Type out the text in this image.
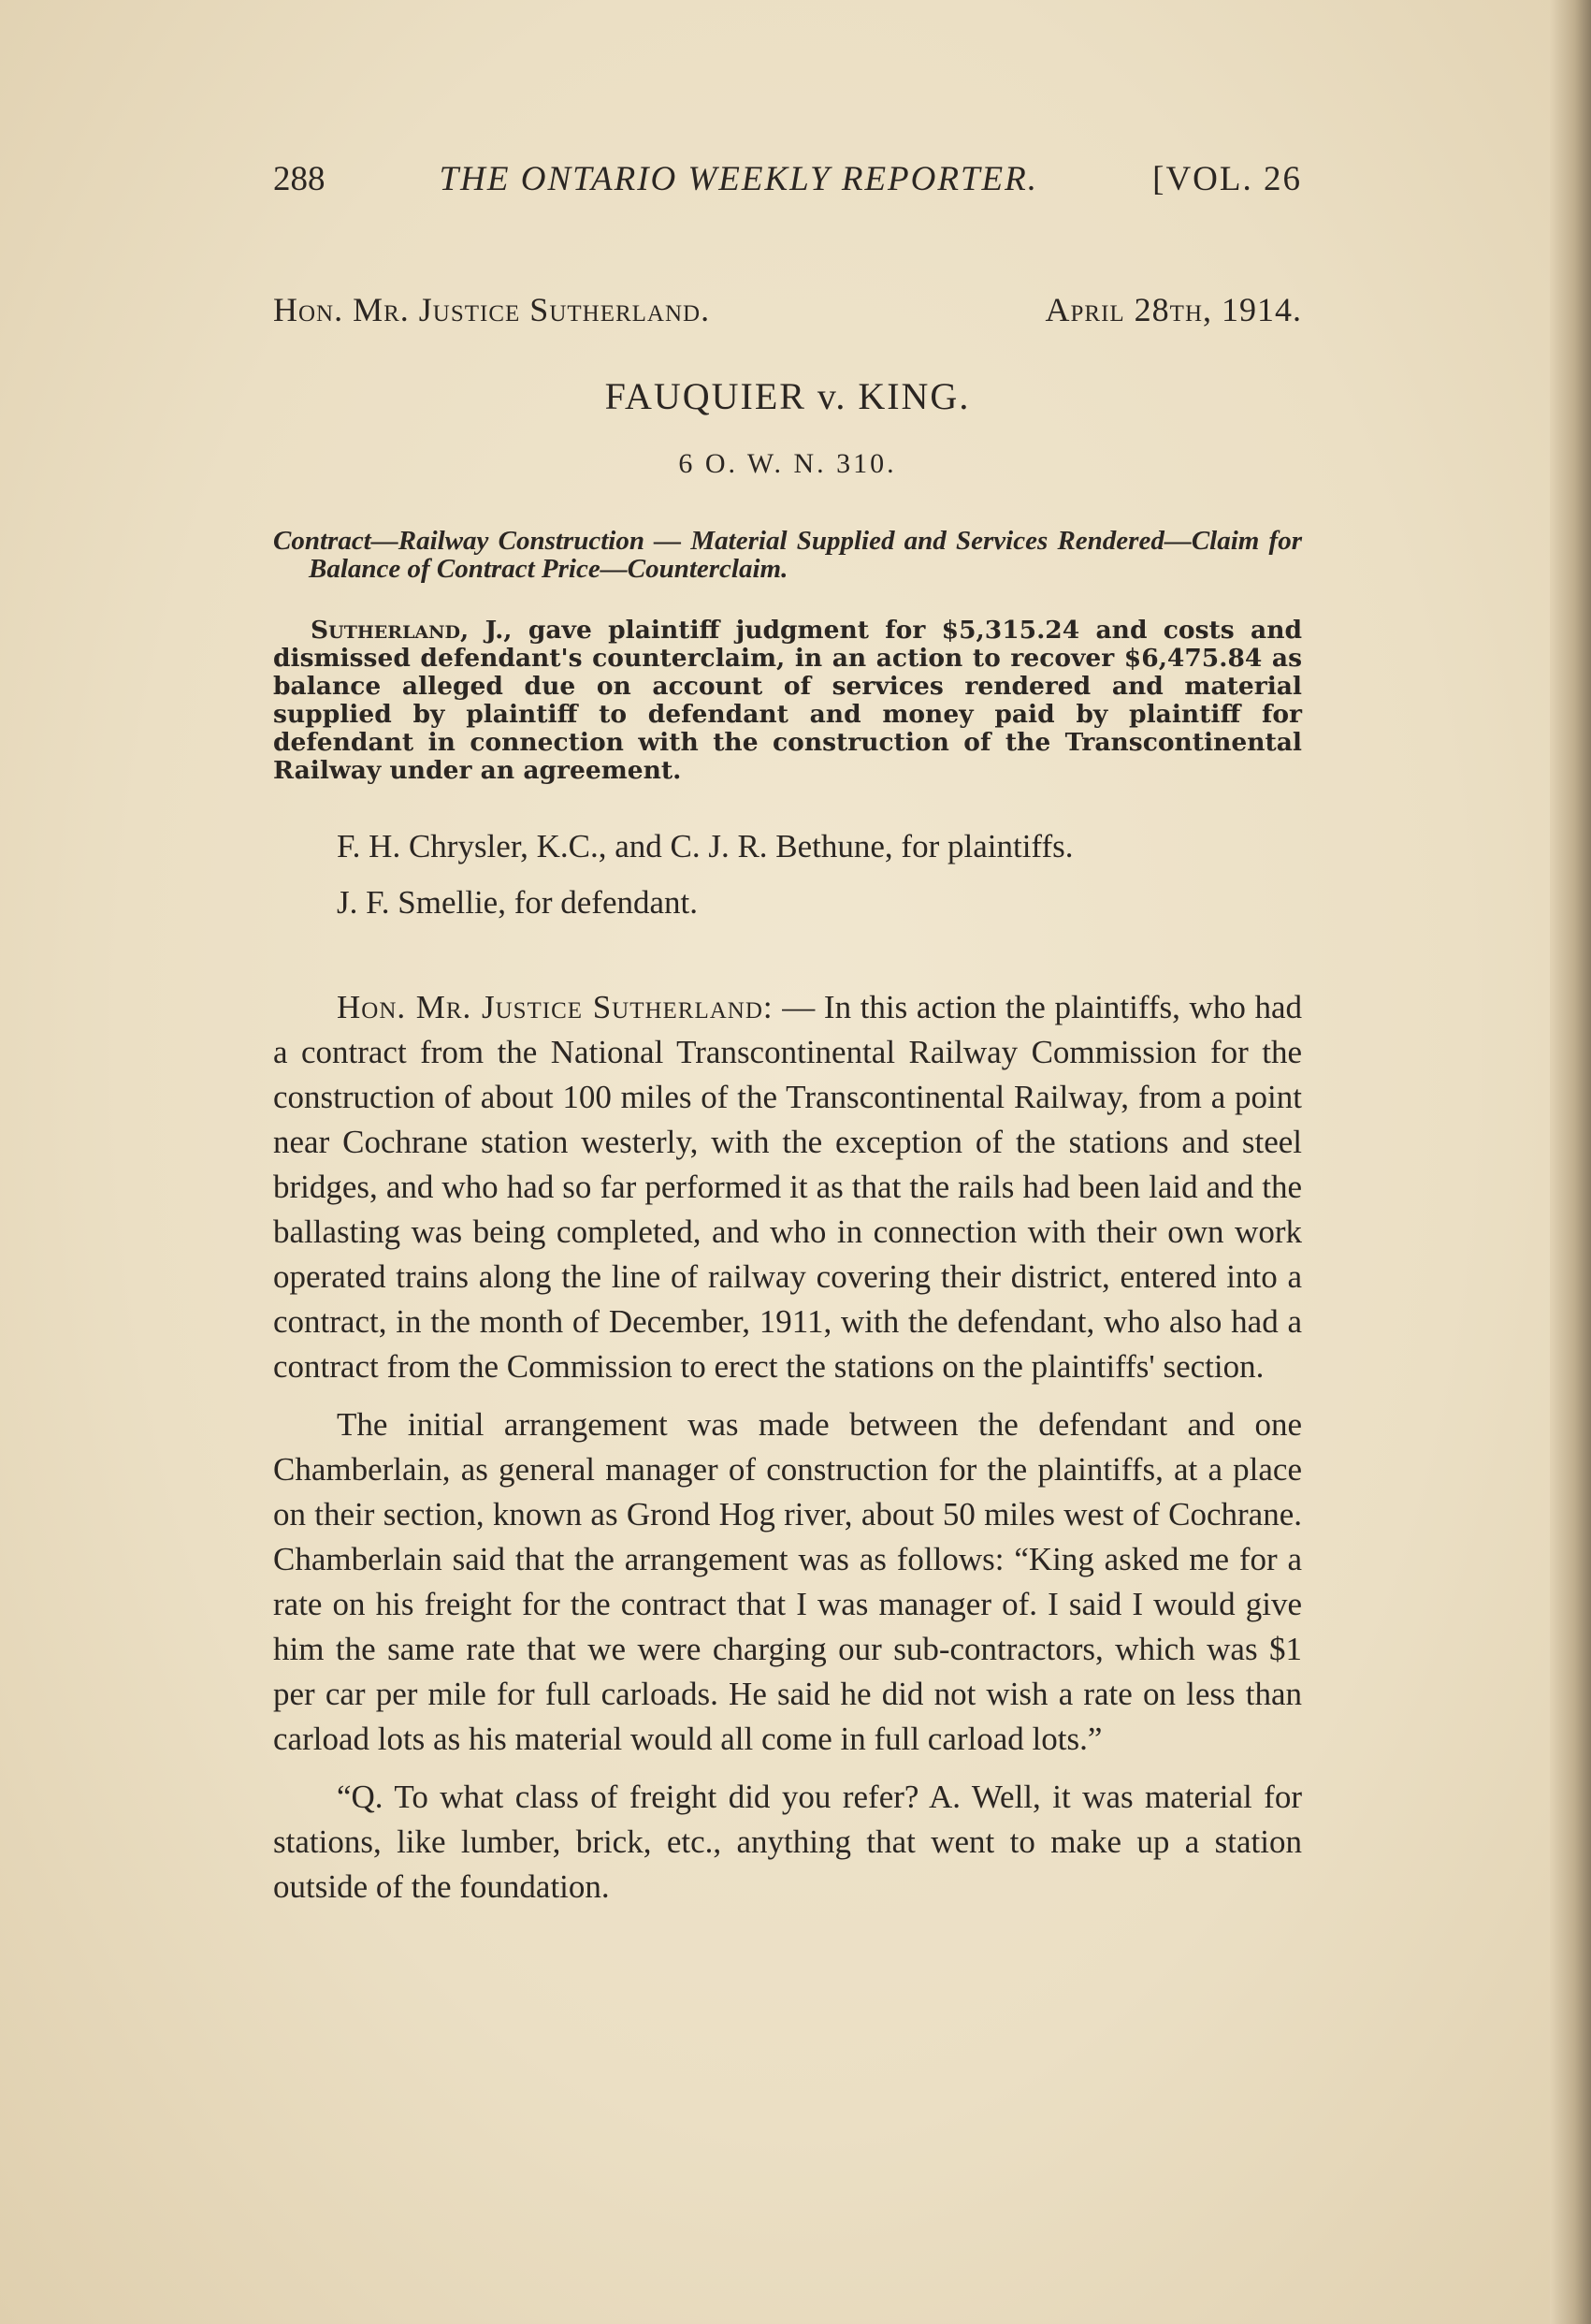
288	THE ONTARIO WEEKLY REPORTER.	[VOL. 26
Hon. Mr. Justice Sutherland.	April 28th, 1914.
FAUQUIER v. KING.
6 O. W. N. 310.
Contract—Railway Construction — Material Supplied and Services Rendered—Claim for Balance of Contract Price—Counterclaim.
Sutherland, J., gave plaintiff judgment for $5,315.24 and costs and dismissed defendant's counterclaim, in an action to recover $6,475.84 as balance alleged due on account of services rendered and material supplied by plaintiff to defendant and money paid by plaintiff for defendant in connection with the construction of the Transcontinental Railway under an agreement.
F. H. Chrysler, K.C., and C. J. R. Bethune, for plaintiffs.
J. F. Smellie, for defendant.
Hon. Mr. Justice Sutherland: — In this action the plaintiffs, who had a contract from the National Transcontinental Railway Commission for the construction of about 100 miles of the Transcontinental Railway, from a point near Cochrane station westerly, with the exception of the stations and steel bridges, and who had so far performed it as that the rails had been laid and the ballasting was being completed, and who in connection with their own work operated trains along the line of railway covering their district, entered into a contract, in the month of December, 1911, with the defendant, who also had a contract from the Commission to erect the stations on the plaintiffs' section.
The initial arrangement was made between the defendant and one Chamberlain, as general manager of construction for the plaintiffs, at a place on their section, known as Grond Hog river, about 50 miles west of Cochrane. Chamberlain said that the arrangement was as follows: “King asked me for a rate on his freight for the contract that I was manager of. I said I would give him the same rate that we were charging our sub-contractors, which was $1 per car per mile for full carloads. He said he did not wish a rate on less than carload lots as his material would all come in full carload lots.”
“Q. To what class of freight did you refer? A. Well, it was material for stations, like lumber, brick, etc., anything that went to make up a station outside of the foundation.
